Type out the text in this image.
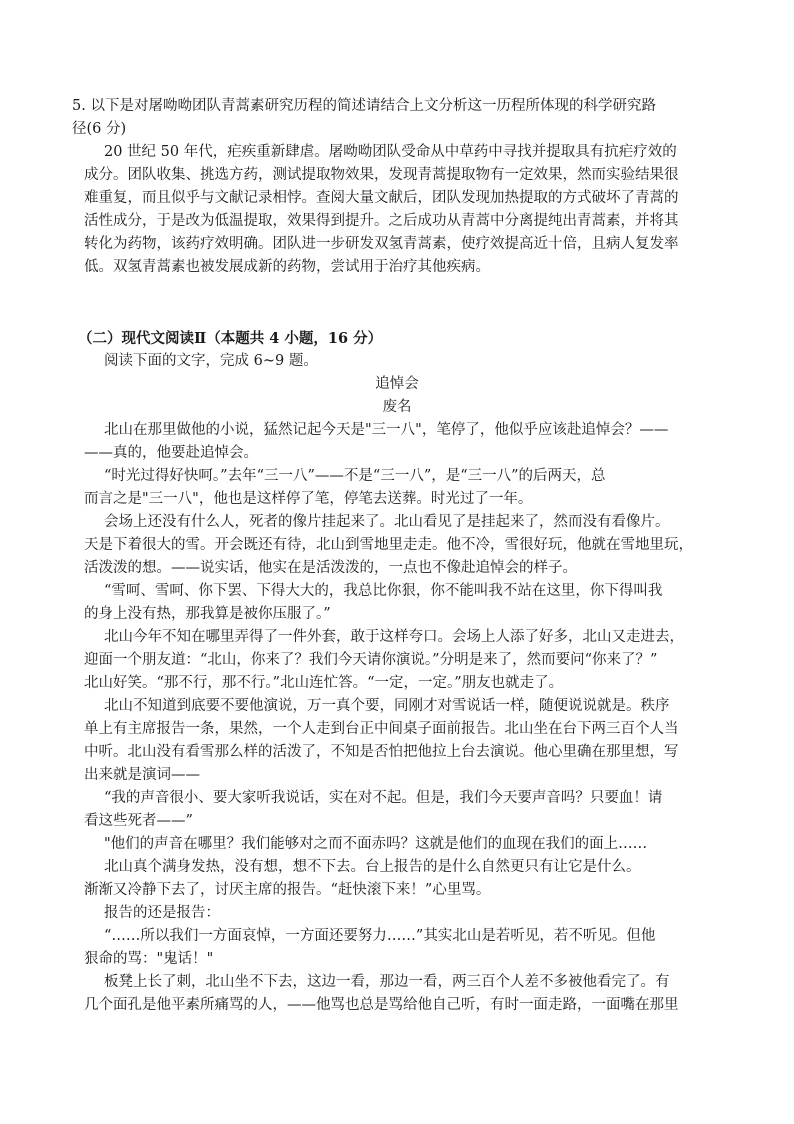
5. 以下是对屠呦呦团队青蒿素研究历程的简述请结合上文分析这一历程所体现的科学研究路
径(6 分)
20 世纪 50 年代，疟疾重新肆虐。屠呦呦团队受命从中草药中寻找并提取具有抗疟疗效的
成分。团队收集、挑选方药，测试提取物效果，发现青蒿提取物有一定效果，然而实验结果很
难重复，而且似乎与文献记录相悖。查阅大量文献后，团队发现加热提取的方式破坏了青蒿的
活性成分，于是改为低温提取，效果得到提升。之后成功从青蒿中分离提纯出青蒿素，并将其
转化为药物，该药疗效明确。团队进一步研发双氢青蒿素，使疗效提高近十倍，且病人复发率
低。双氢青蒿素也被发展成新的药物，尝试用于治疗其他疾病。
（二）现代文阅读Ⅱ（本题共 4 小题，16 分）
阅读下面的文字，完成 6~9 题。
追悼会
废名
北山在那里做他的小说，猛然记起今天是"三一八"，笔停了，他似乎应该赴追悼会？——
——真的，他要赴追悼会。
“时光过得好快呵。”去年“三一八”——不是“三一八”，是“三一八”的后两天，总
而言之是"三一八"，他也是这样停了笔，停笔去送葬。时光过了一年。
会场上还没有什么人，死者的像片挂起来了。北山看见了是挂起来了，然而没有看像片。
天是下着很大的雪。开会既还有待，北山到雪地里走走。他不冷，雪很好玩，他就在雪地里玩，
活泼泼的想。——说实话，他实在是活泼泼的，一点也不像赴追悼会的样子。
“雪呵、雪呵、你下罢、下得大大的，我总比你狠，你不能叫我不站在这里，你下得叫我
的身上没有热，那我算是被你压服了。”
北山今年不知在哪里弄得了一件外套，敢于这样夸口。会场上人添了好多，北山又走进去，
迎面一个朋友道：“北山，你来了？我们今天请你演说。”分明是来了，然而要问“你来了？”
北山好笑。“那不行，那不行。”北山连忙答。“一定，一定。”朋友也就走了。
北山不知道到底要不要他演说，万一真个要，同刚才对雪说话一样，随便说说就是。秩序
单上有主席报告一条，果然，一个人走到台正中间桌子面前报告。北山坐在台下两三百个人当
中听。北山没有看雪那么样的活泼了，不知是否怕把他拉上台去演说。他心里确在那里想，写
出来就是演词——
“我的声音很小、要大家听我说话，实在对不起。但是，我们今天要声音吗？只要血！请
看这些死者——”
"他们的声音在哪里？我们能够对之而不面赤吗？这就是他们的血现在我们的面上……
北山真个满身发热，没有想，想不下去。台上报告的是什么自然更只有让它是什么。
渐渐又冷静下去了，讨厌主席的报告。“赶快滚下来！”心里骂。
报告的还是报告：
“……所以我们一方面哀悼，一方面还要努力……”其实北山是若听见，若不听见。但他
狠命的骂："鬼话！"
板凳上长了刺，北山坐不下去，这边一看，那边一看，两三百个人差不多被他看完了。有
几个面孔是他平素所痛骂的人，——他骂也总是骂给他自己听，有时一面走路，一面嘴在那里
